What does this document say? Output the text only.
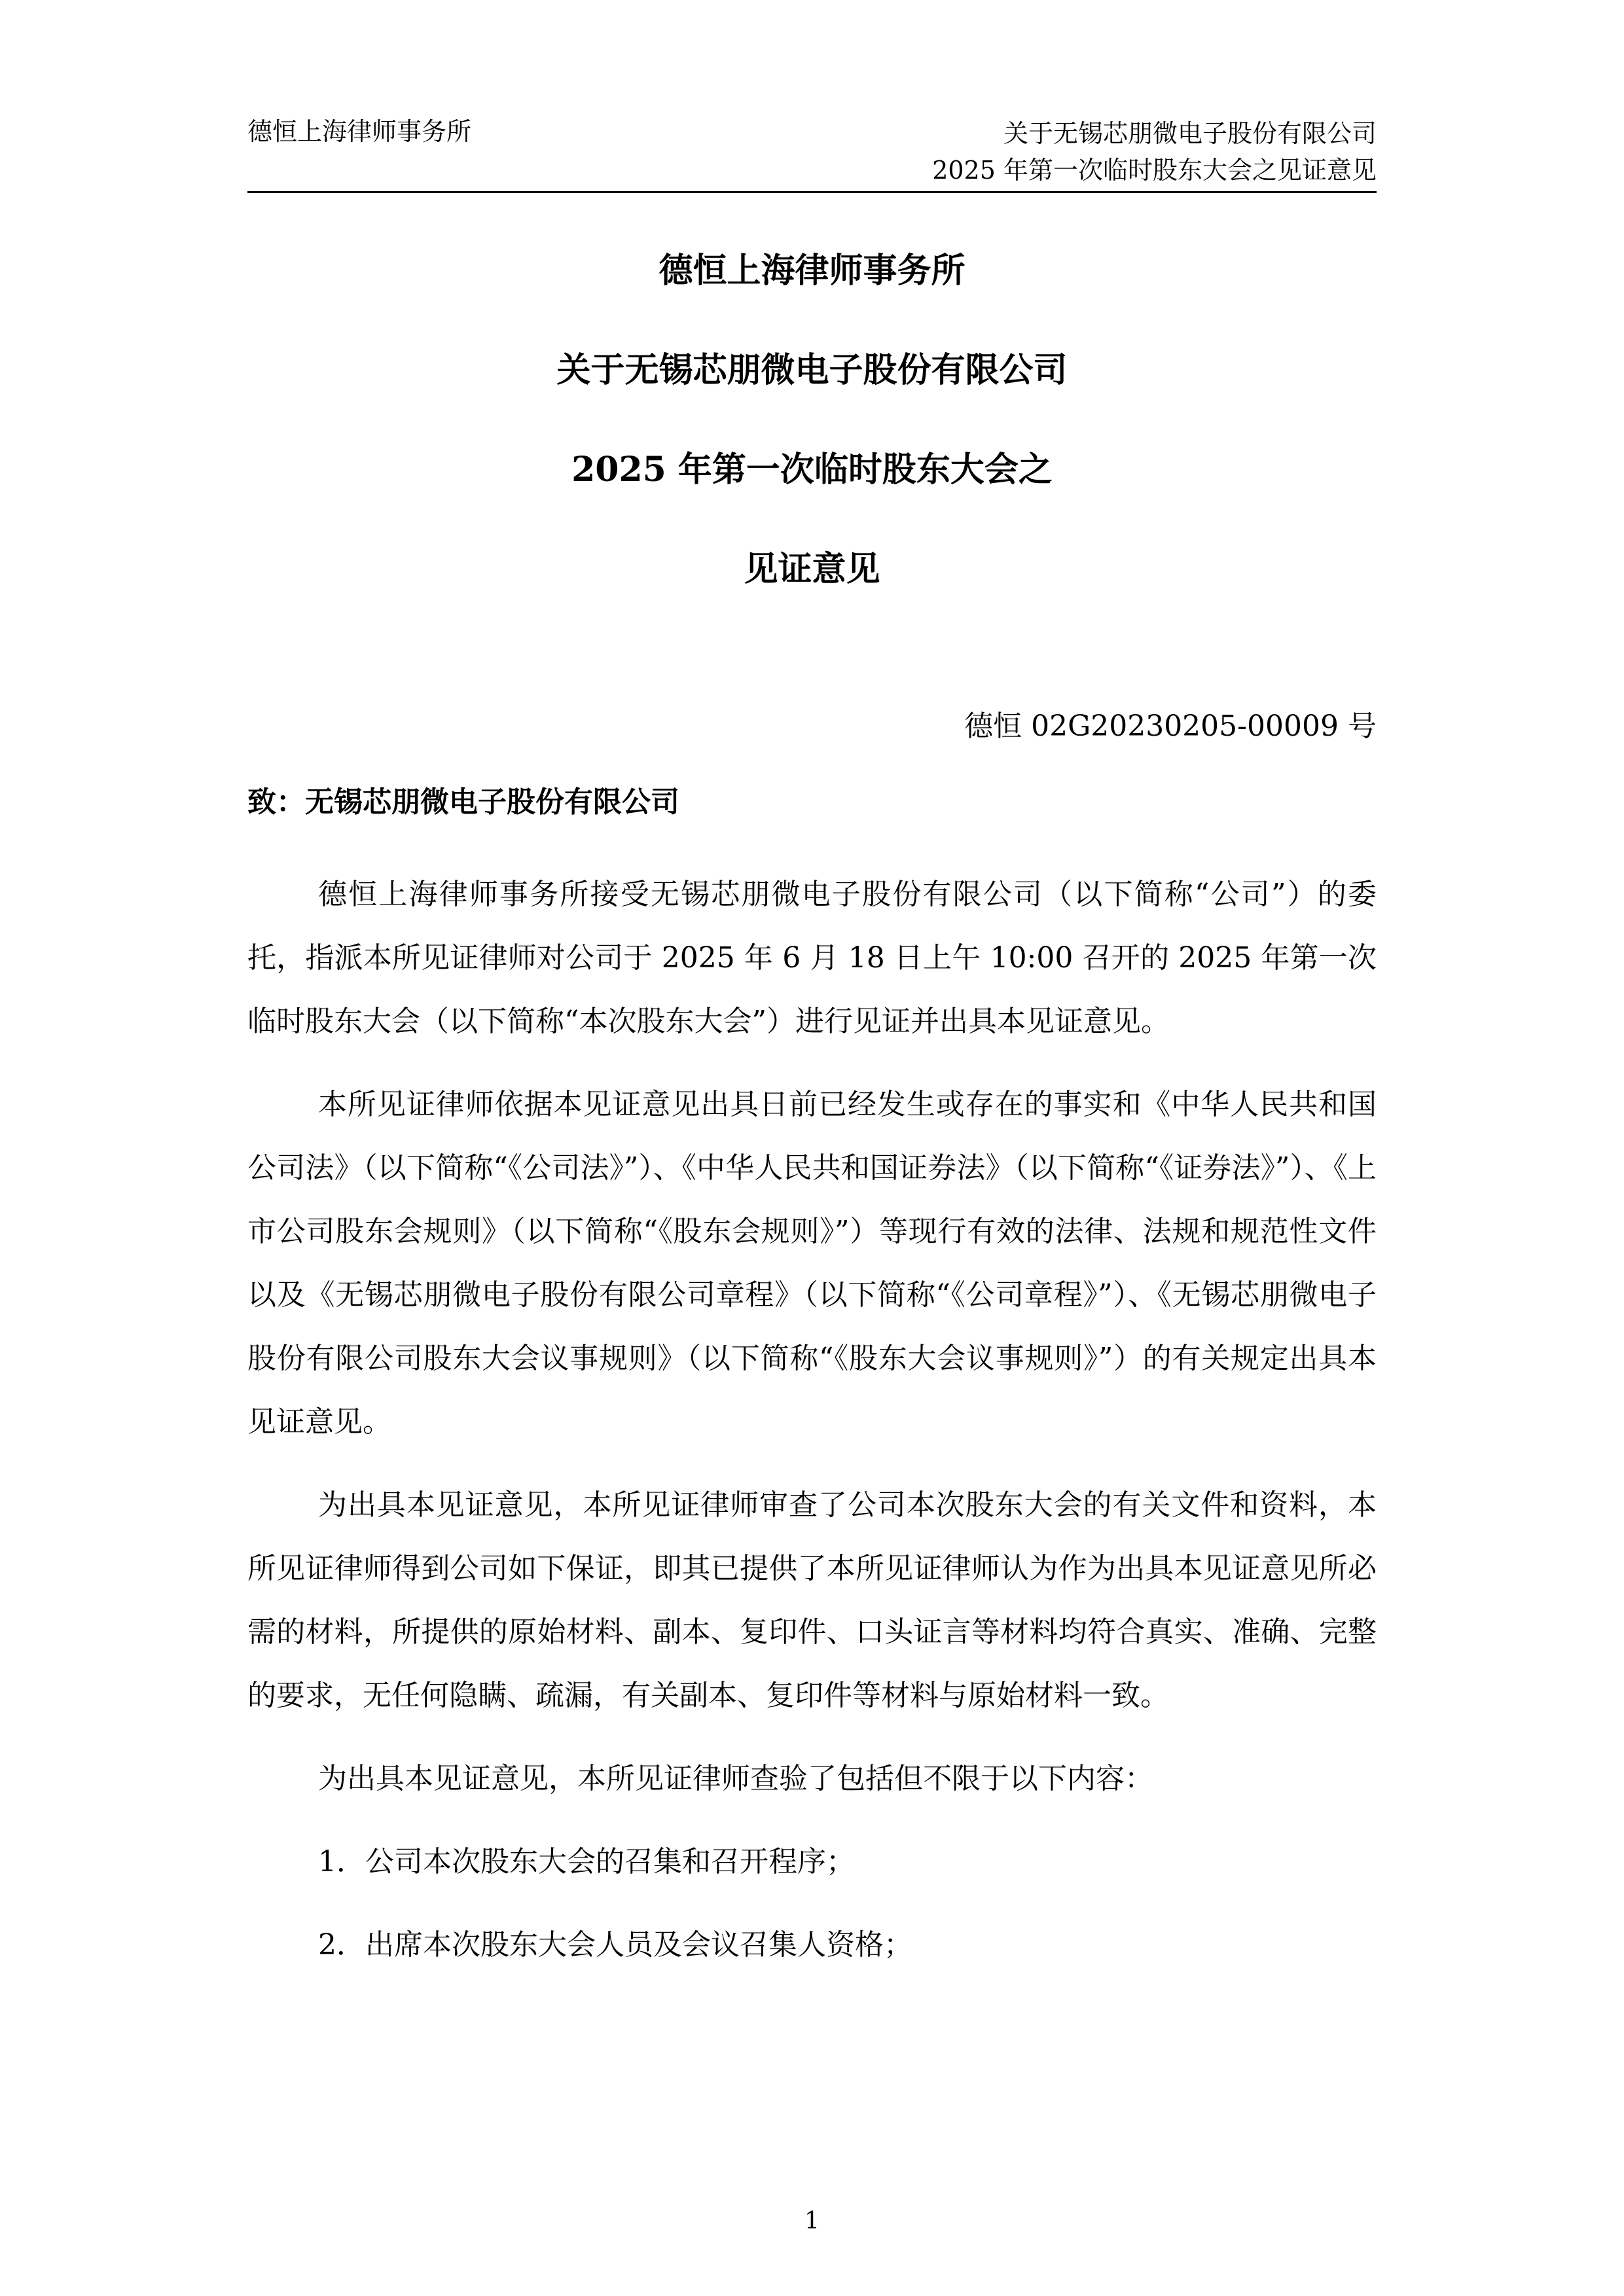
德恒上海律师事务所	关于无锡芯朋微电子股份有限公司
2025 年第一次临时股东大会之见证意见
德恒上海律师事务所
关于无锡芯朋微电子股份有限公司
2025 年第一次临时股东大会之
见证意见
德恒 02G20230205-00009 号
致：无锡芯朋微电子股份有限公司

德恒上海律师事务所接受无锡芯朋微电子股份有限公司（以下简称“公司”）的委托，指派本所见证律师对公司于 2025 年 6 月 18 日上午 10:00 召开的 2025 年第一次临时股东大会（以下简称“本次股东大会”）进行见证并出具本见证意见。

本所见证律师依据本见证意见出具日前已经发生或存在的事实和《中华人民共和国公司法》（以下简称“《公司法》”）、《中华人民共和国证券法》（以下简称“《证券法》”）、《上市公司股东会规则》（以下简称“《股东会规则》”）等现行有效的法律、法规和规范性文件以及《无锡芯朋微电子股份有限公司章程》（以下简称“《公司章程》”）、《无锡芯朋微电子股份有限公司股东大会议事规则》（以下简称“《股东大会议事规则》”）的有关规定出具本见证意见。

为出具本见证意见，本所见证律师审查了公司本次股东大会的有关文件和资料，本所见证律师得到公司如下保证，即其已提供了本所见证律师认为作为出具本见证意见所必需的材料，所提供的原始材料、副本、复印件、口头证言等材料均符合真实、准确、完整的要求，无任何隐瞒、疏漏，有关副本、复印件等材料与原始材料一致。

为出具本见证意见，本所见证律师查验了包括但不限于以下内容：

1．公司本次股东大会的召集和召开程序；
2．出席本次股东大会人员及会议召集人资格；
1
